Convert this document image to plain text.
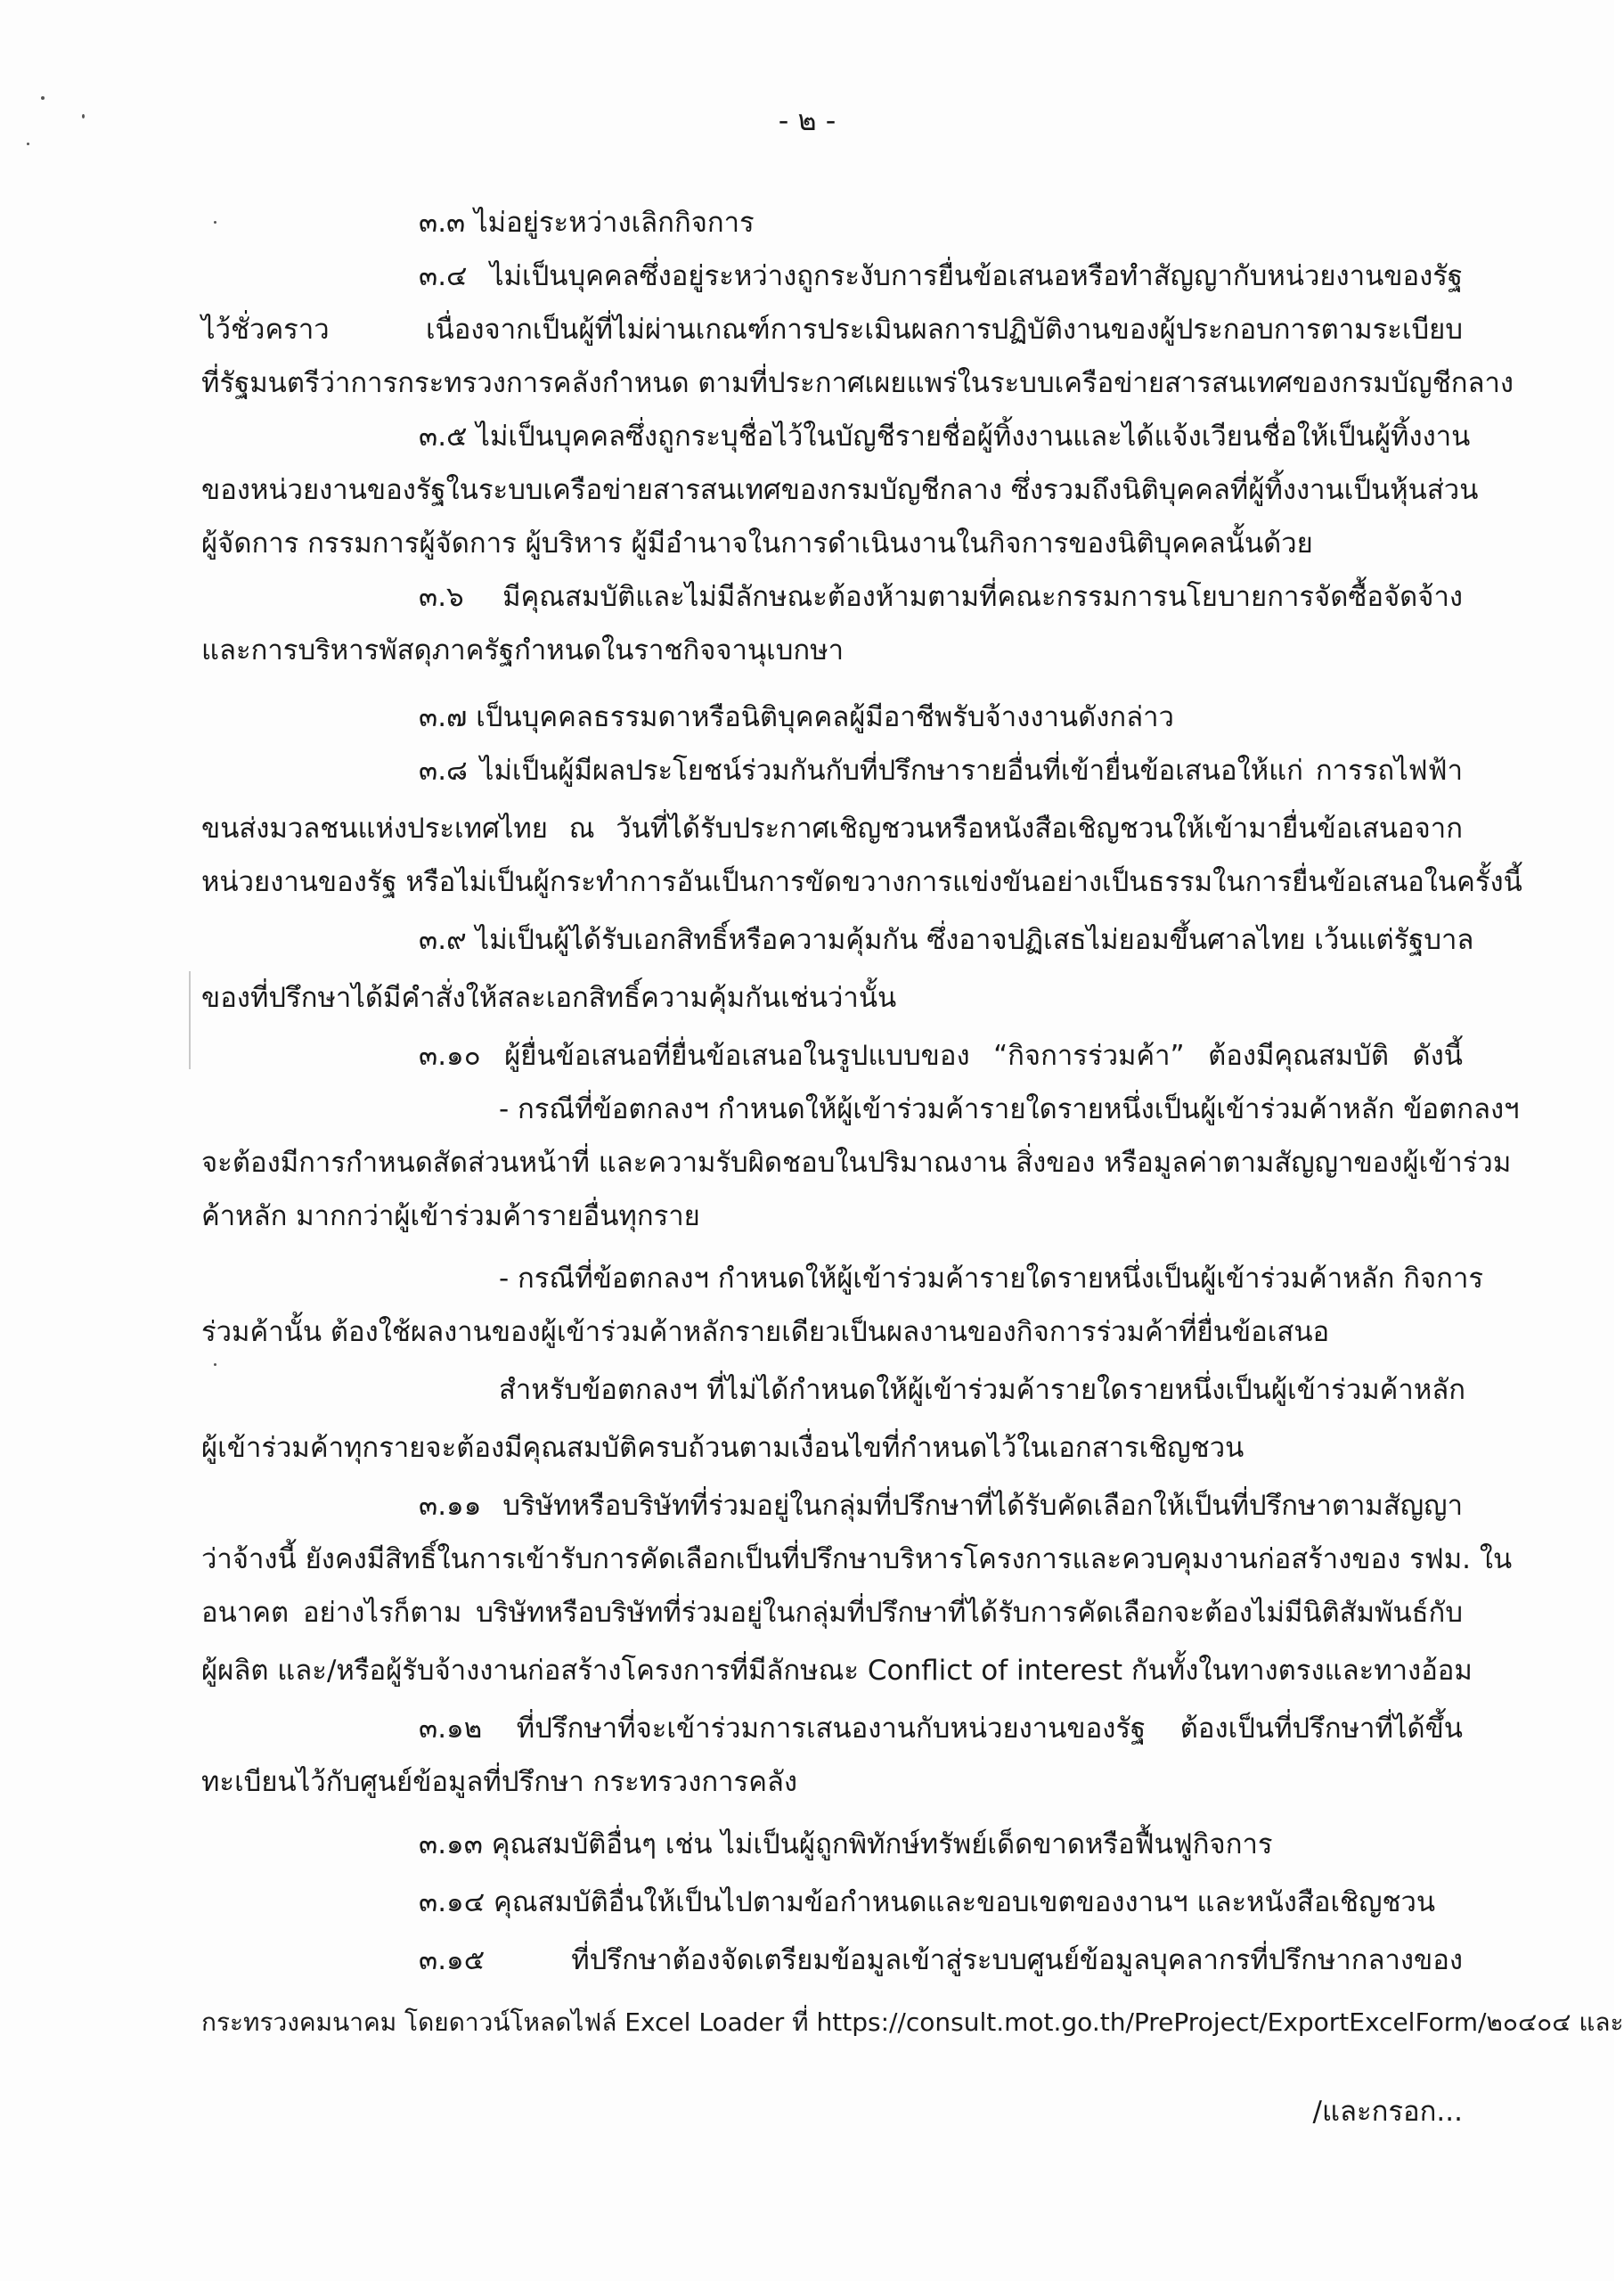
- ๒ -
๓.๓ ไม่อยู่ระหว่างเลิกกิจการ
๓.๔ ไม่เป็นบุคคลซึ่งอยู่ระหว่างถูกระงับการยื่นข้อเสนอหรือทำสัญญากับหน่วยงานของรัฐ
ไว้ชั่วคราว เนื่องจากเป็นผู้ที่ไม่ผ่านเกณฑ์การประเมินผลการปฏิบัติงานของผู้ประกอบการตามระเบียบ
ที่รัฐมนตรีว่าการกระทรวงการคลังกำหนด ตามที่ประกาศเผยแพร่ในระบบเครือข่ายสารสนเทศของกรมบัญชีกลาง
๓.๕ ไม่เป็นบุคคลซึ่งถูกระบุชื่อไว้ในบัญชีรายชื่อผู้ทิ้งงานและได้แจ้งเวียนชื่อให้เป็นผู้ทิ้งงาน
ของหน่วยงานของรัฐในระบบเครือข่ายสารสนเทศของกรมบัญชีกลาง ซึ่งรวมถึงนิติบุคคลที่ผู้ทิ้งงานเป็นหุ้นส่วน
ผู้จัดการ กรรมการผู้จัดการ ผู้บริหาร ผู้มีอำนาจในการดำเนินงานในกิจการของนิติบุคคลนั้นด้วย
๓.๖ มีคุณสมบัติและไม่มีลักษณะต้องห้ามตามที่คณะกรรมการนโยบายการจัดซื้อจัดจ้าง
และการบริหารพัสดุภาครัฐกำหนดในราชกิจจานุเบกษา
๓.๗ เป็นบุคคลธรรมดาหรือนิติบุคคลผู้มีอาชีพรับจ้างงานดังกล่าว
๓.๘ ไม่เป็นผู้มีผลประโยชน์ร่วมกันกับที่ปรึกษารายอื่นที่เข้ายื่นข้อเสนอให้แก่ การรถไฟฟ้า
ขนส่งมวลชนแห่งประเทศไทย ณ วันที่ได้รับประกาศเชิญชวนหรือหนังสือเชิญชวนให้เข้ามายื่นข้อเสนอจาก
หน่วยงานของรัฐ หรือไม่เป็นผู้กระทำการอันเป็นการขัดขวางการแข่งขันอย่างเป็นธรรมในการยื่นข้อเสนอในครั้งนี้
๓.๙ ไม่เป็นผู้ได้รับเอกสิทธิ์หรือความคุ้มกัน ซึ่งอาจปฏิเสธไม่ยอมขึ้นศาลไทย เว้นแต่รัฐบาล
ของที่ปรึกษาได้มีคำสั่งให้สละเอกสิทธิ์ความคุ้มกันเช่นว่านั้น
๓.๑๐ ผู้ยื่นข้อเสนอที่ยื่นข้อเสนอในรูปแบบของ “กิจการร่วมค้า” ต้องมีคุณสมบัติ ดังนี้
- กรณีที่ข้อตกลงฯ กำหนดให้ผู้เข้าร่วมค้ารายใดรายหนึ่งเป็นผู้เข้าร่วมค้าหลัก ข้อตกลงฯ
จะต้องมีการกำหนดสัดส่วนหน้าที่ และความรับผิดชอบในปริมาณงาน สิ่งของ หรือมูลค่าตามสัญญาของผู้เข้าร่วม
ค้าหลัก มากกว่าผู้เข้าร่วมค้ารายอื่นทุกราย
- กรณีที่ข้อตกลงฯ กำหนดให้ผู้เข้าร่วมค้ารายใดรายหนึ่งเป็นผู้เข้าร่วมค้าหลัก กิจการ
ร่วมค้านั้น ต้องใช้ผลงานของผู้เข้าร่วมค้าหลักรายเดียวเป็นผลงานของกิจการร่วมค้าที่ยื่นข้อเสนอ
สำหรับข้อตกลงฯ ที่ไม่ได้กำหนดให้ผู้เข้าร่วมค้ารายใดรายหนึ่งเป็นผู้เข้าร่วมค้าหลัก
ผู้เข้าร่วมค้าทุกรายจะต้องมีคุณสมบัติครบถ้วนตามเงื่อนไขที่กำหนดไว้ในเอกสารเชิญชวน
๓.๑๑ บริษัทหรือบริษัทที่ร่วมอยู่ในกลุ่มที่ปรึกษาที่ได้รับคัดเลือกให้เป็นที่ปรึกษาตามสัญญา
ว่าจ้างนี้ ยังคงมีสิทธิ์ในการเข้ารับการคัดเลือกเป็นที่ปรึกษาบริหารโครงการและควบคุมงานก่อสร้างของ รฟม. ใน
อนาคต อย่างไรก็ตาม บริษัทหรือบริษัทที่ร่วมอยู่ในกลุ่มที่ปรึกษาที่ได้รับการคัดเลือกจะต้องไม่มีนิติสัมพันธ์กับ
ผู้ผลิต และ/หรือผู้รับจ้างงานก่อสร้างโครงการที่มีลักษณะ Conflict of interest กันทั้งในทางตรงและทางอ้อม
๓.๑๒ ที่ปรึกษาที่จะเข้าร่วมการเสนองานกับหน่วยงานของรัฐ ต้องเป็นที่ปรึกษาที่ได้ขึ้น
ทะเบียนไว้กับศูนย์ข้อมูลที่ปรึกษา กระทรวงการคลัง
๓.๑๓ คุณสมบัติอื่นๆ เช่น ไม่เป็นผู้ถูกพิทักษ์ทรัพย์เด็ดขาดหรือฟื้นฟูกิจการ
๓.๑๔ คุณสมบัติอื่นให้เป็นไปตามข้อกำหนดและขอบเขตของงานฯ และหนังสือเชิญชวน
๓.๑๕ ที่ปรึกษาต้องจัดเตรียมข้อมูลเข้าสู่ระบบศูนย์ข้อมูลบุคลากรที่ปรึกษากลางของ
กระทรวงคมนาคม โดยดาวน์โหลดไฟล์ Excel Loader ที่ https://consult.mot.go.th/PreProject/ExportExcelForm/๒๐๔๐๔ และ
/และกรอก...
